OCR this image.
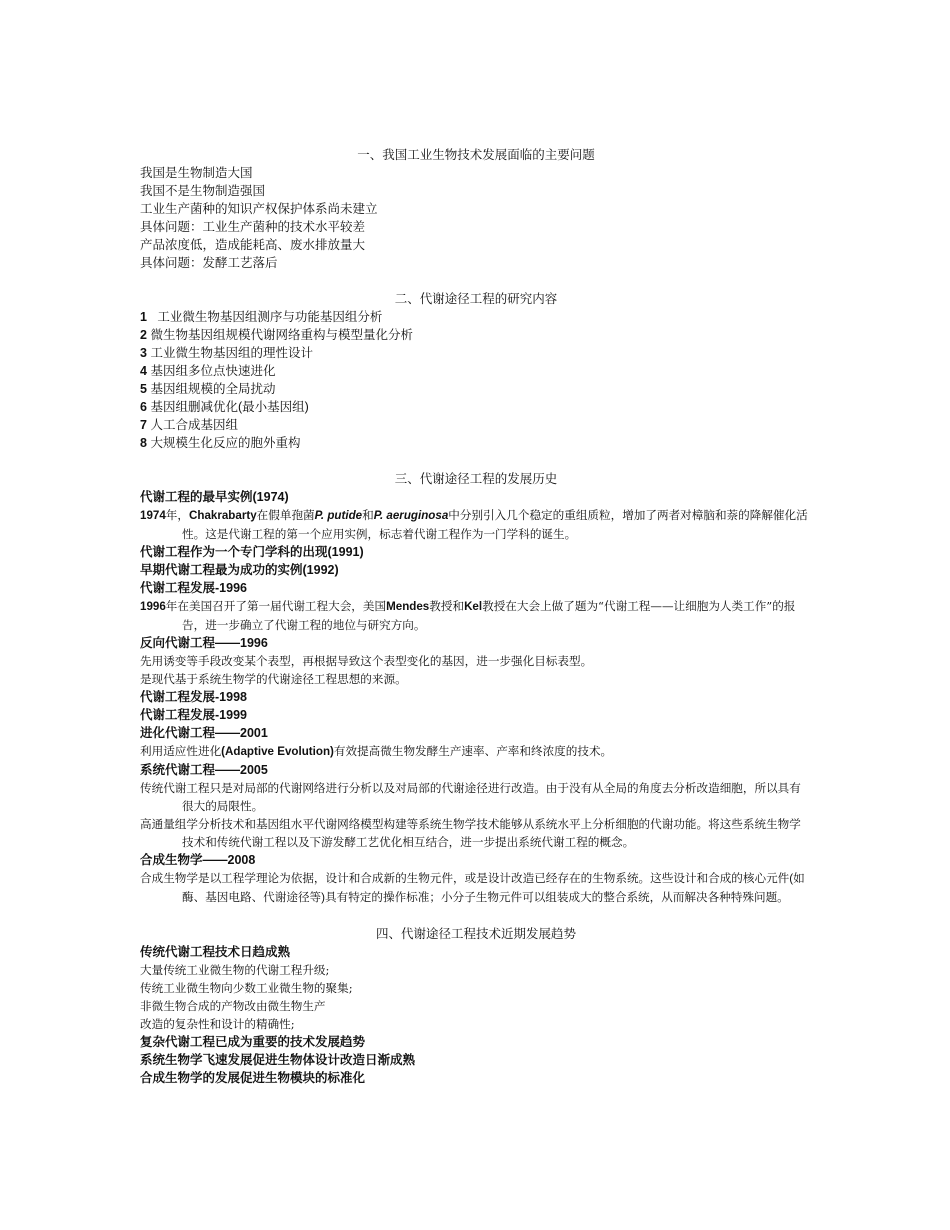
一、我国工业生物技术发展面临的主要问题
我国是生物制造大国
我国不是生物制造强国
工业生产菌种的知识产权保护体系尚未建立
具体问题：工业生产菌种的技术水平较差
产品浓度低，造成能耗高、废水排放量大
具体问题：发酵工艺落后
二、代谢途径工程的研究内容
1 工业微生物基因组测序与功能基因组分析
2 微生物基因组规模代谢网络重构与模型量化分析
3 工业微生物基因组的理性设计
4 基因组多位点快速进化
5 基因组规模的全局扰动
6 基因组删减优化(最小基因组)
7 人工合成基因组
8 大规模生化反应的胞外重构
三、代谢途径工程的发展历史
代谢工程的最早实例(1974)
1974年，Chakrabarty在假单孢菌P. putide和P. aeruginosa中分别引入几个稳定的重组质粒，增加了两者对樟脑和萘的降解催化活性。这是代谢工程的第一个应用实例，标志着代谢工程作为一门学科的诞生。
代谢工程作为一个专门学科的出现(1991)
早期代谢工程最为成功的实例(1992)
代谢工程发展-1996
1996年在美国召开了第一届代谢工程大会，美国Mendes教授和Kel教授在大会上做了题为“代谢工程——让细胞为人类工作”的报告，进一步确立了代谢工程的地位与研究方向。
反向代谢工程——1996
先用诱变等手段改变某个表型，再根据导致这个表型变化的基因，进一步强化目标表型。
是现代基于系统生物学的代谢途径工程思想的来源。
代谢工程发展-1998
代谢工程发展-1999
进化代谢工程——2001
利用适应性进化(Adaptive Evolution)有效提高微生物发酵生产速率、产率和终浓度的技术。
系统代谢工程——2005
传统代谢工程只是对局部的代谢网络进行分析以及对局部的代谢途径进行改造。由于没有从全局的角度去分析改造细胞，所以具有很大的局限性。
高通量组学分析技术和基因组水平代谢网络模型构建等系统生物学技术能够从系统水平上分析细胞的代谢功能。将这些系统生物学技术和传统代谢工程以及下游发酵工艺优化相互结合，进一步提出系统代谢工程的概念。
合成生物学——2008
合成生物学是以工程学理论为依据，设计和合成新的生物元件，或是设计改造已经存在的生物系统。这些设计和合成的核心元件(如酶、基因电路、代谢途径等)具有特定的操作标准；小分子生物元件可以组装成大的整合系统，从而解决各种特殊问题。
四、代谢途径工程技术近期发展趋势
传统代谢工程技术日趋成熟
大量传统工业微生物的代谢工程升级;
传统工业微生物向少数工业微生物的聚集;
非微生物合成的产物改由微生物生产
改造的复杂性和设计的精确性;
复杂代谢工程已成为重要的技术发展趋势
系统生物学飞速发展促进生物体设计改造日渐成熟
合成生物学的发展促进生物模块的标准化
